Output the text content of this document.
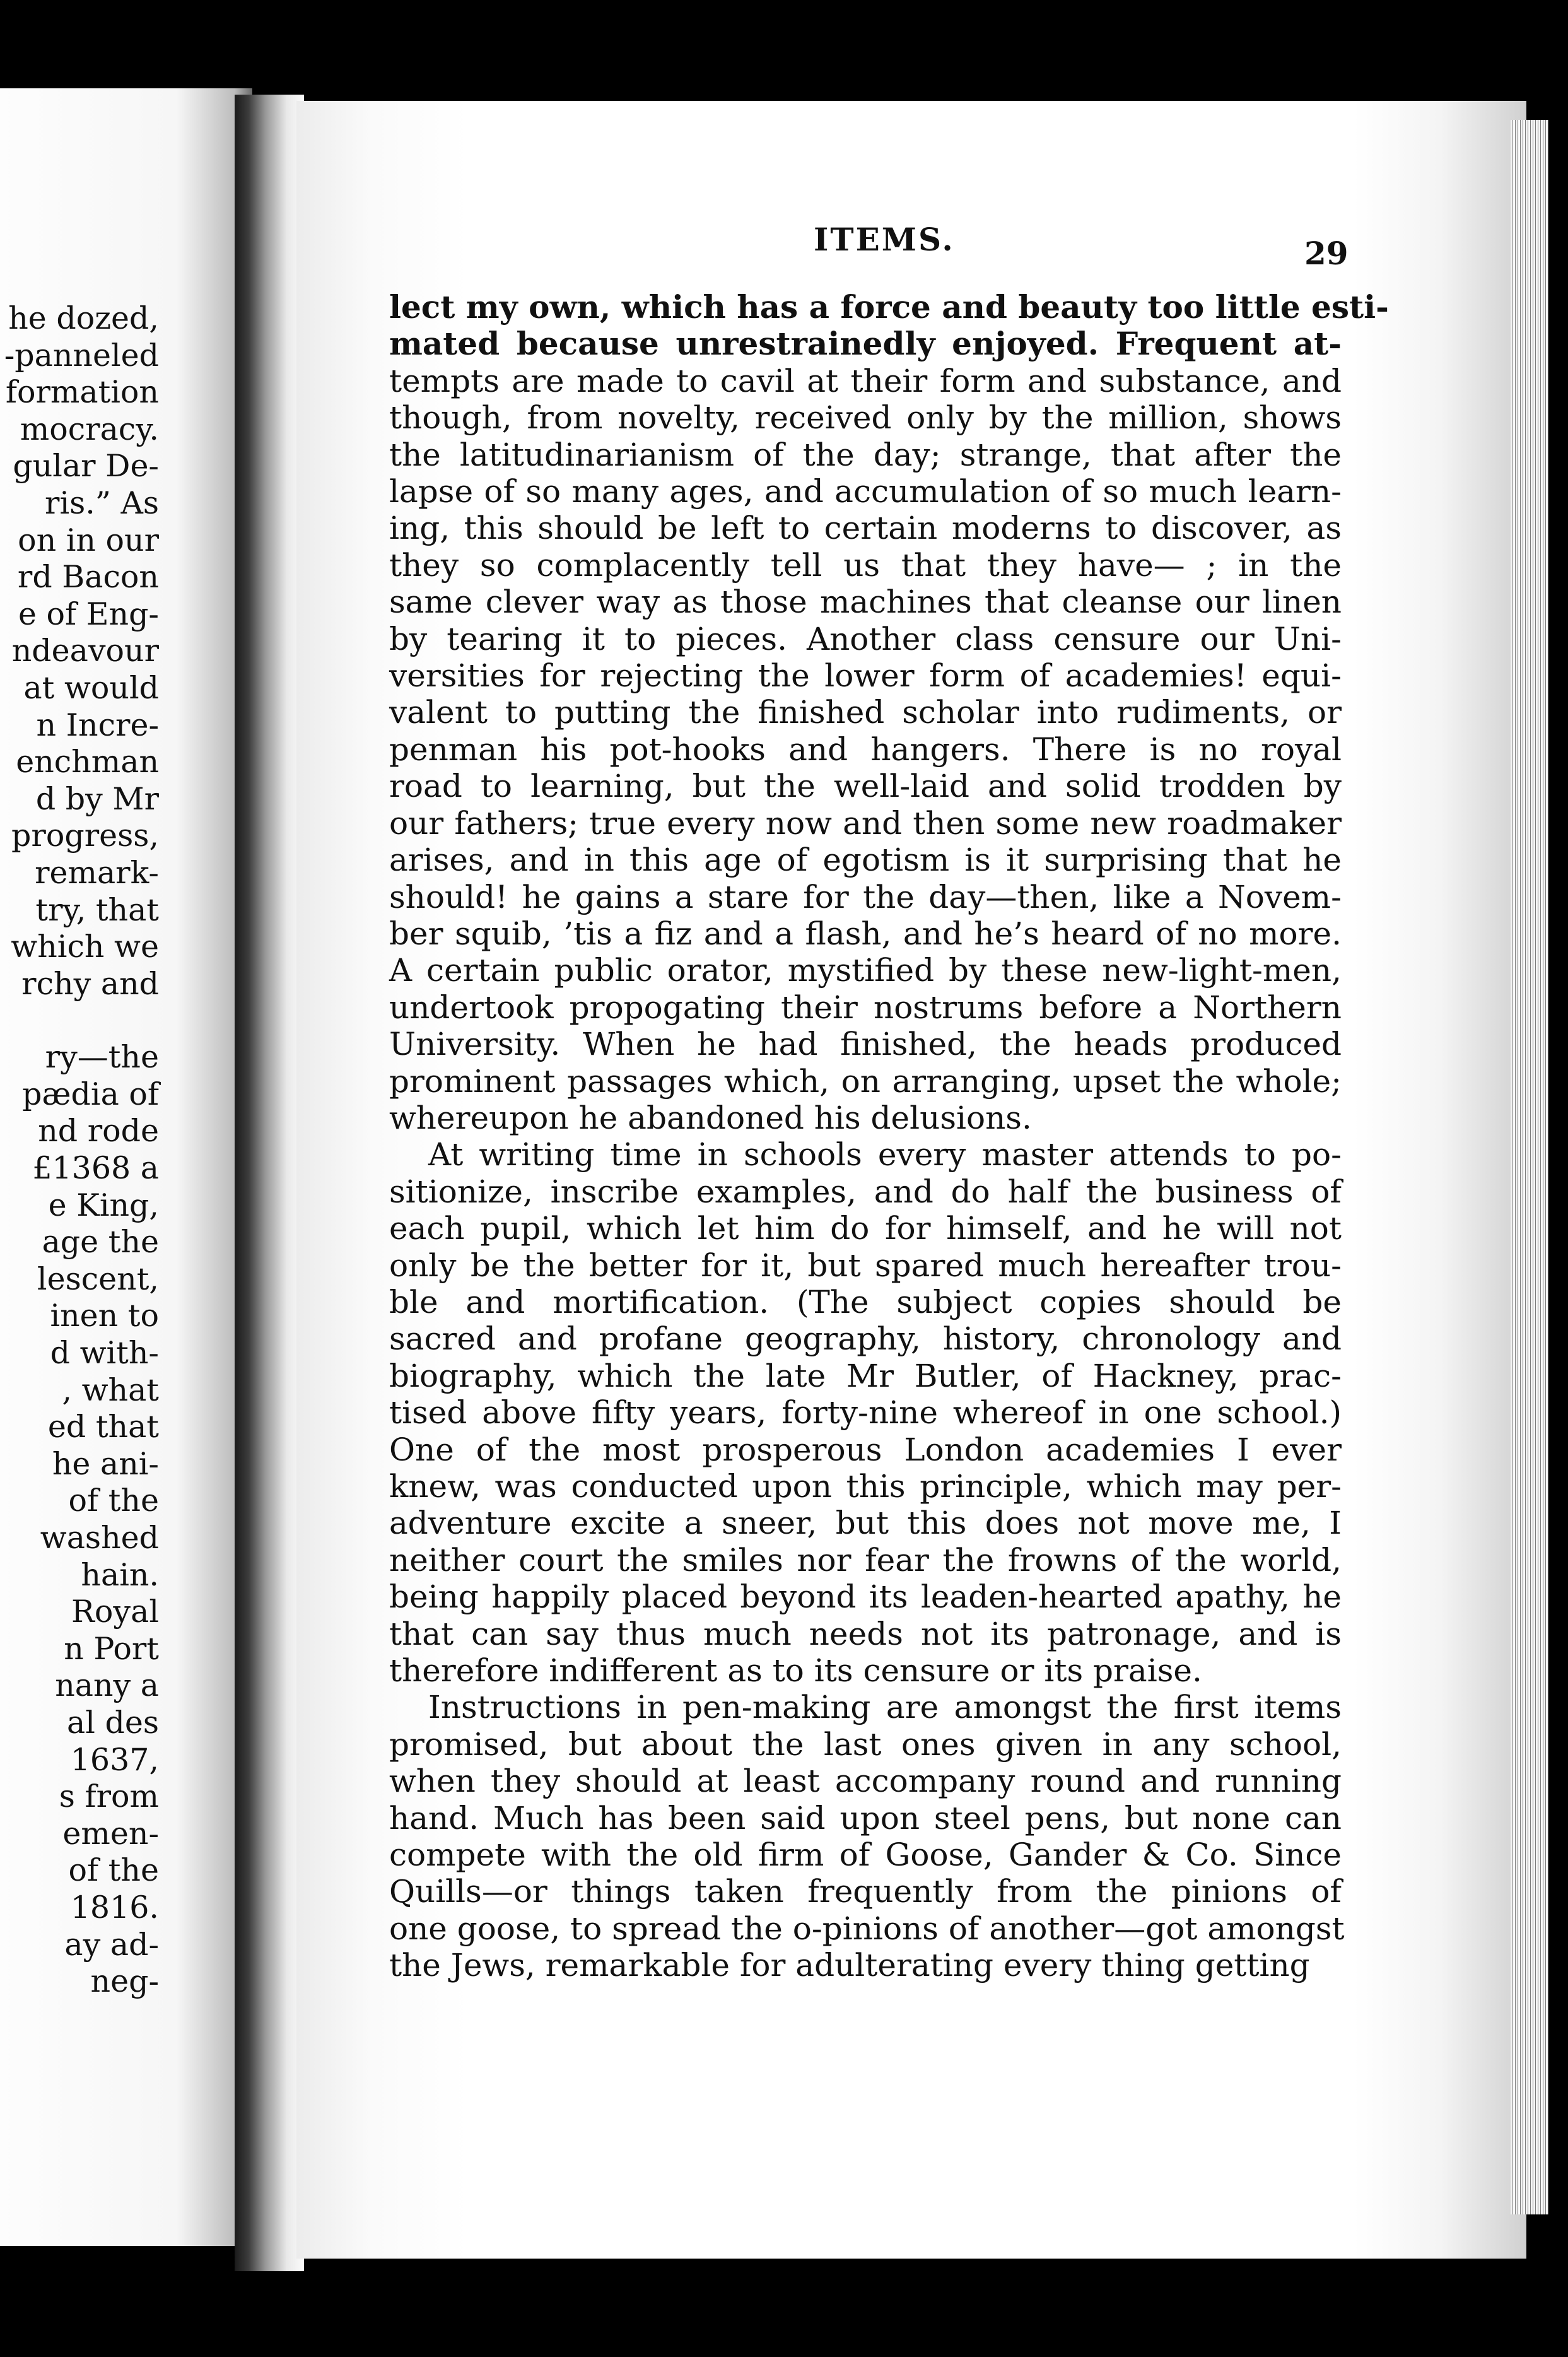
he dozed,
-panneled
formation
mocracy.
gular De-
ris.” As
on in our
rd Bacon
e of Eng-
ndeavour
at would
n Incre-
enchman
d by Mr
progress,
remark-
try, that
which we
rchy and
ry—the
pædia of
nd rode
£1368 a
e King,
age the
lescent,
inen to
d with-
, what
ed that
he ani-
of the
washed
hain.
Royal
n Port
nany a
al des
1637,
s from
emen-
of the
1816.
ay ad-
neg-
ITEMS.	29
lect my own, which has a force and beauty too little esti-
mated because unrestrainedly enjoyed. Frequent at-
tempts are made to cavil at their form and substance, and
though, from novelty, received only by the million, shows
the latitudinarianism of the day; strange, that after the
lapse of so many ages, and accumulation of so much learn-
ing, this should be left to certain moderns to discover, as
they so complacently tell us that they have— ; in the
same clever way as those machines that cleanse our linen
by tearing it to pieces. Another class censure our Uni-
versities for rejecting the lower form of academies! equi-
valent to putting the finished scholar into rudiments, or
penman his pot-hooks and hangers. There is no royal
road to learning, but the well-laid and solid trodden by
our fathers; true every now and then some new roadmaker
arises, and in this age of egotism is it surprising that he
should! he gains a stare for the day—then, like a Novem-
ber squib, ’tis a fiz and a flash, and he’s heard of no more.
A certain public orator, mystified by these new-light-men,
undertook propogating their nostrums before a Northern
University. When he had finished, the heads produced
prominent passages which, on arranging, upset the whole;
whereupon he abandoned his delusions.
At writing time in schools every master attends to po-
sitionize, inscribe examples, and do half the business of
each pupil, which let him do for himself, and he will not
only be the better for it, but spared much hereafter trou-
ble and mortification. (The subject copies should be
sacred and profane geography, history, chronology and
biography, which the late Mr Butler, of Hackney, prac-
tised above fifty years, forty-nine whereof in one school.)
One of the most prosperous London academies I ever
knew, was conducted upon this principle, which may per-
adventure excite a sneer, but this does not move me, I
neither court the smiles nor fear the frowns of the world,
being happily placed beyond its leaden-hearted apathy, he
that can say thus much needs not its patronage, and is
therefore indifferent as to its censure or its praise.
Instructions in pen-making are amongst the first items
promised, but about the last ones given in any school,
when they should at least accompany round and running
hand. Much has been said upon steel pens, but none can
compete with the old firm of Goose, Gander & Co. Since
Quills—or things taken frequently from the pinions of
one goose, to spread the o-pinions of another—got amongst
the Jews, remarkable for adulterating every thing getting
